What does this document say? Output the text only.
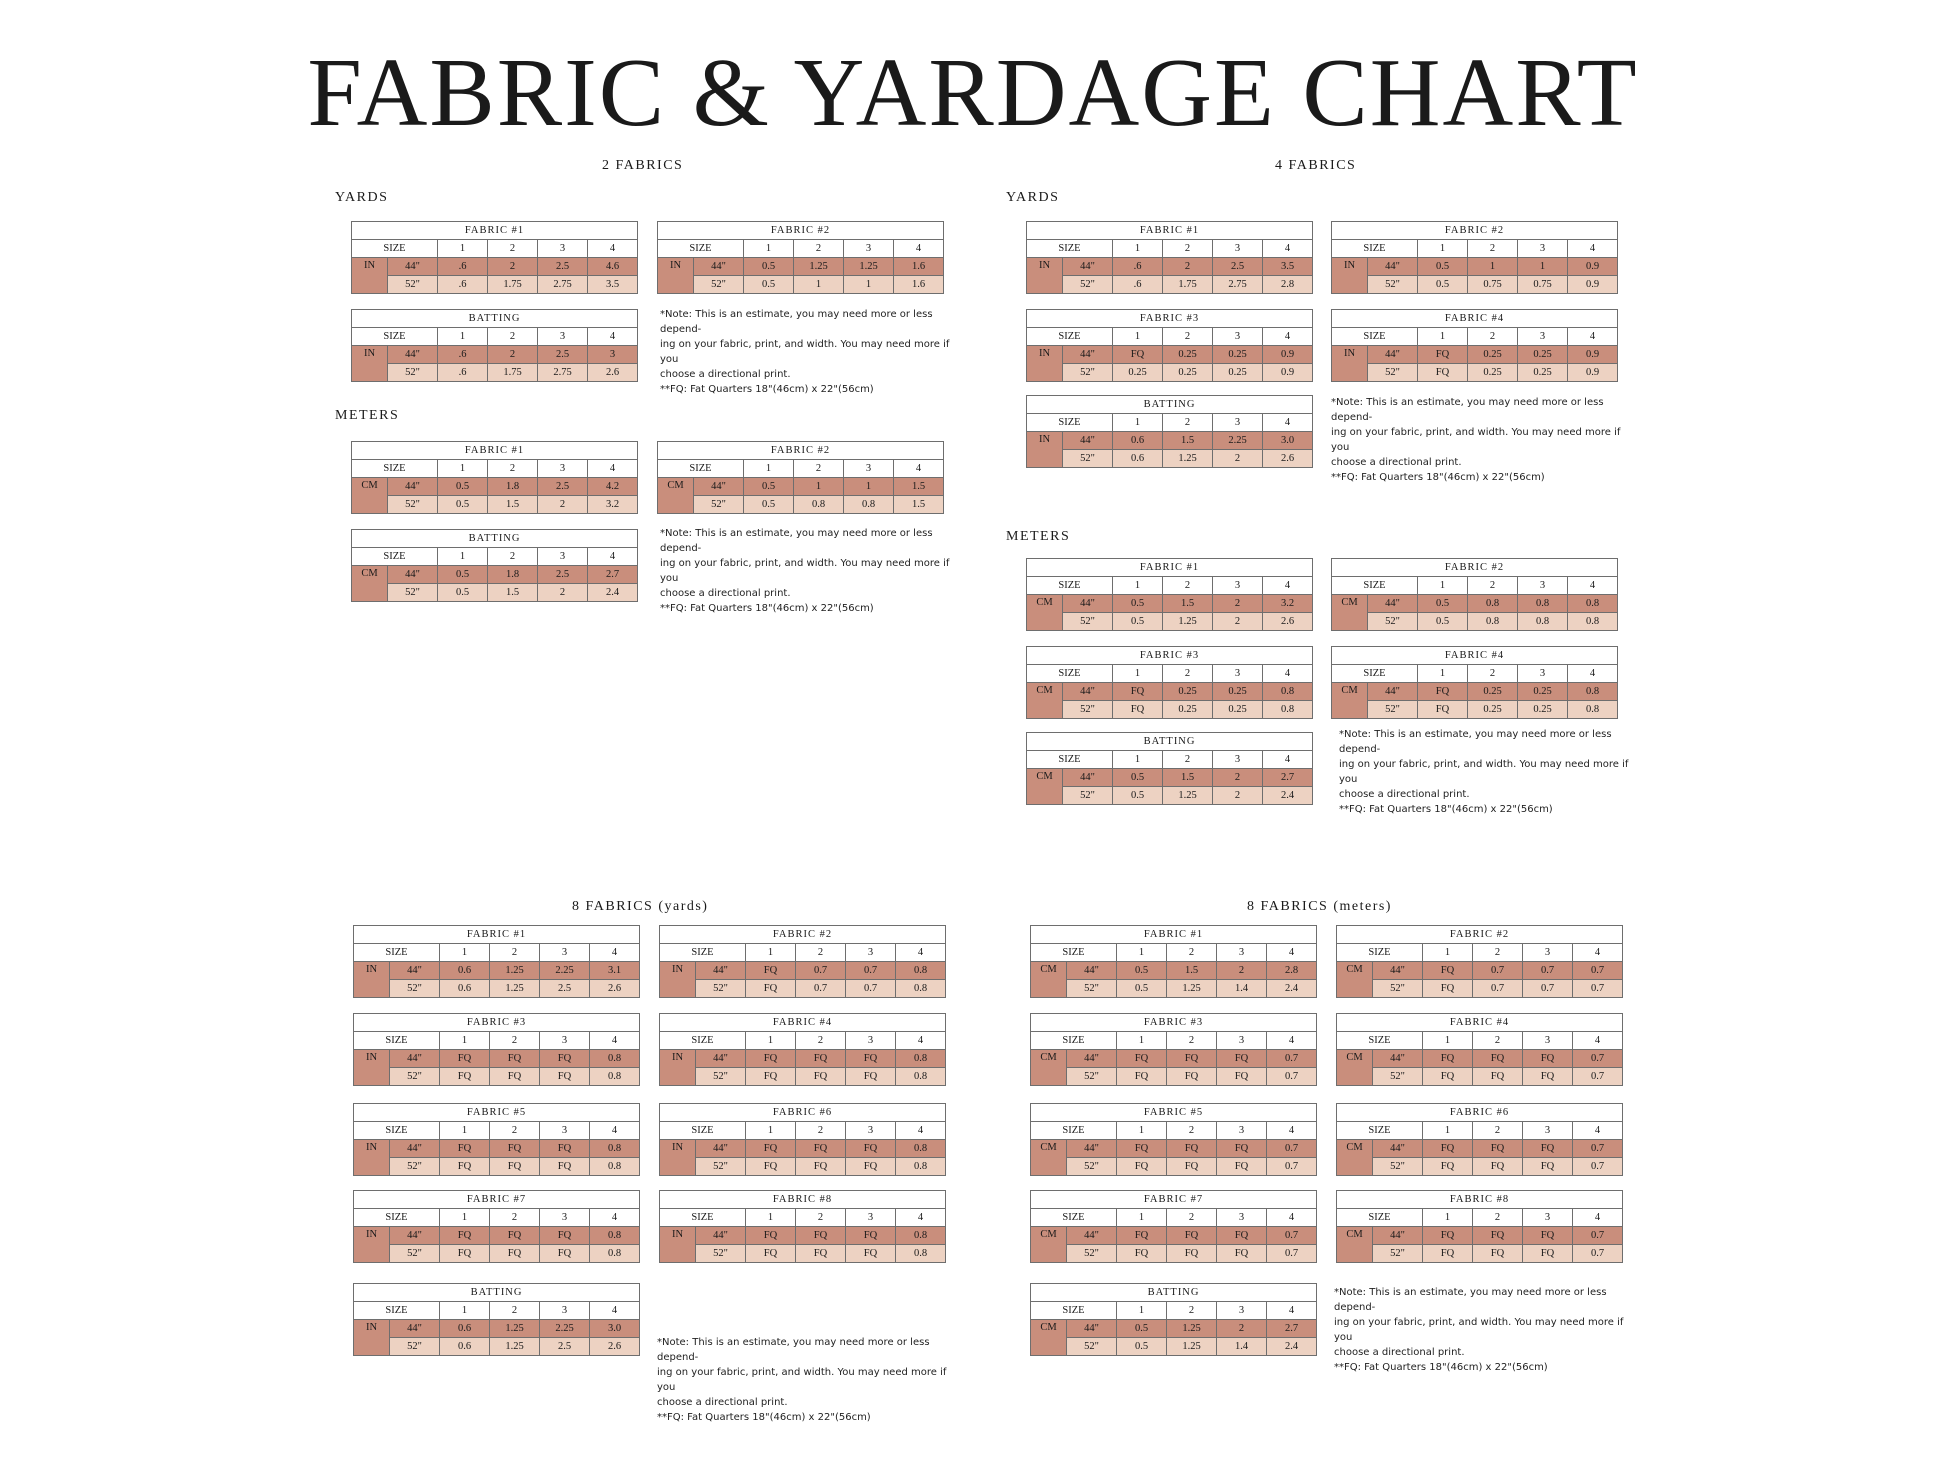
FABRIC & YARDAGE CHART
2 FABRICS	4 FABRICS
8 FABRICS (yards)	8 FABRICS (meters)
YARDS
METERS
YARDS
METERS
FABRIC #1					
SIZE		1	2	3	4
IN	44"	.6	2	2.5	4.6
	52"	.6	1.75	2.75	3.5
FABRIC #2					
SIZE		1	2	3	4
IN	44"	0.5	1.25	1.25	1.6
	52"	0.5	1	1	1.6
BATTING					
SIZE		1	2	3	4
IN	44"	.6	2	2.5	3
	52"	.6	1.75	2.75	2.6
FABRIC #1					
SIZE		1	2	3	4
CM	44"	0.5	1.8	2.5	4.2
	52"	0.5	1.5	2	3.2
FABRIC #2					
SIZE		1	2	3	4
CM	44"	0.5	1	1	1.5
	52"	0.5	0.8	0.8	1.5
BATTING					
SIZE		1	2	3	4
CM	44"	0.5	1.8	2.5	2.7
	52"	0.5	1.5	2	2.4
FABRIC #1					
SIZE		1	2	3	4
IN	44"	.6	2	2.5	3.5
	52"	.6	1.75	2.75	2.8
FABRIC #2					
SIZE		1	2	3	4
IN	44"	0.5	1	1	0.9
	52"	0.5	0.75	0.75	0.9
FABRIC #3					
SIZE		1	2	3	4
IN	44"	FQ	0.25	0.25	0.9
	52"	0.25	0.25	0.25	0.9
FABRIC #4					
SIZE		1	2	3	4
IN	44"	FQ	0.25	0.25	0.9
	52"	FQ	0.25	0.25	0.9
BATTING					
SIZE		1	2	3	4
IN	44"	0.6	1.5	2.25	3.0
	52"	0.6	1.25	2	2.6
FABRIC #1					
SIZE		1	2	3	4
CM	44"	0.5	1.5	2	3.2
	52"	0.5	1.25	2	2.6
FABRIC #2					
SIZE		1	2	3	4
CM	44"	0.5	0.8	0.8	0.8
	52"	0.5	0.8	0.8	0.8
FABRIC #3					
SIZE		1	2	3	4
CM	44"	FQ	0.25	0.25	0.8
	52"	FQ	0.25	0.25	0.8
FABRIC #4					
SIZE		1	2	3	4
CM	44"	FQ	0.25	0.25	0.8
	52"	FQ	0.25	0.25	0.8
BATTING					
SIZE		1	2	3	4
CM	44"	0.5	1.5	2	2.7
	52"	0.5	1.25	2	2.4
FABRIC #1					
SIZE		1	2	3	4
IN	44"	0.6	1.25	2.25	3.1
	52"	0.6	1.25	2.5	2.6
FABRIC #2					
SIZE		1	2	3	4
IN	44"	FQ	0.7	0.7	0.8
	52"	FQ	0.7	0.7	0.8
FABRIC #3					
SIZE		1	2	3	4
IN	44"	FQ	FQ	FQ	0.8
	52"	FQ	FQ	FQ	0.8
FABRIC #4					
SIZE		1	2	3	4
IN	44"	FQ	FQ	FQ	0.8
	52"	FQ	FQ	FQ	0.8
FABRIC #5					
SIZE		1	2	3	4
IN	44"	FQ	FQ	FQ	0.8
	52"	FQ	FQ	FQ	0.8
FABRIC #6					
SIZE		1	2	3	4
IN	44"	FQ	FQ	FQ	0.8
	52"	FQ	FQ	FQ	0.8
FABRIC #7					
SIZE		1	2	3	4
IN	44"	FQ	FQ	FQ	0.8
	52"	FQ	FQ	FQ	0.8
FABRIC #8					
SIZE		1	2	3	4
IN	44"	FQ	FQ	FQ	0.8
	52"	FQ	FQ	FQ	0.8
BATTING					
SIZE		1	2	3	4
IN	44"	0.6	1.25	2.25	3.0
	52"	0.6	1.25	2.5	2.6
FABRIC #1					
SIZE		1	2	3	4
CM	44"	0.5	1.5	2	2.8
	52"	0.5	1.25	1.4	2.4
FABRIC #2					
SIZE		1	2	3	4
CM	44"	FQ	0.7	0.7	0.7
	52"	FQ	0.7	0.7	0.7
FABRIC #3					
SIZE		1	2	3	4
CM	44"	FQ	FQ	FQ	0.7
	52"	FQ	FQ	FQ	0.7
FABRIC #4					
SIZE		1	2	3	4
CM	44"	FQ	FQ	FQ	0.7
	52"	FQ	FQ	FQ	0.7
FABRIC #5					
SIZE		1	2	3	4
CM	44"	FQ	FQ	FQ	0.7
	52"	FQ	FQ	FQ	0.7
FABRIC #6					
SIZE		1	2	3	4
CM	44"	FQ	FQ	FQ	0.7
	52"	FQ	FQ	FQ	0.7
FABRIC #7					
SIZE		1	2	3	4
CM	44"	FQ	FQ	FQ	0.7
	52"	FQ	FQ	FQ	0.7
FABRIC #8					
SIZE		1	2	3	4
CM	44"	FQ	FQ	FQ	0.7
	52"	FQ	FQ	FQ	0.7
BATTING					
SIZE		1	2	3	4
CM	44"	0.5	1.25	2	2.7
	52"	0.5	1.25	1.4	2.4

*Note: This is an estimate, you may need more or less depend-

ing on your fabric, print, and width. You may need more if you

choose a directional print.

**FQ: Fat Quarters 18"(46cm) x 22"(56cm)

*Note: This is an estimate, you may need more or less depend-

ing on your fabric, print, and width. You may need more if you

choose a directional print.

**FQ: Fat Quarters 18"(46cm) x 22"(56cm)

*Note: This is an estimate, you may need more or less depend-

ing on your fabric, print, and width. You may need more if you

choose a directional print.

**FQ: Fat Quarters 18"(46cm) x 22"(56cm)

*Note: This is an estimate, you may need more or less depend-

ing on your fabric, print, and width. You may need more if you

choose a directional print.

**FQ: Fat Quarters 18"(46cm) x 22"(56cm)

*Note: This is an estimate, you may need more or less depend-

ing on your fabric, print, and width. You may need more if you

choose a directional print.

**FQ: Fat Quarters 18"(46cm) x 22"(56cm)

*Note: This is an estimate, you may need more or less depend-

ing on your fabric, print, and width. You may need more if you

choose a directional print.

**FQ: Fat Quarters 18"(46cm) x 22"(56cm)
